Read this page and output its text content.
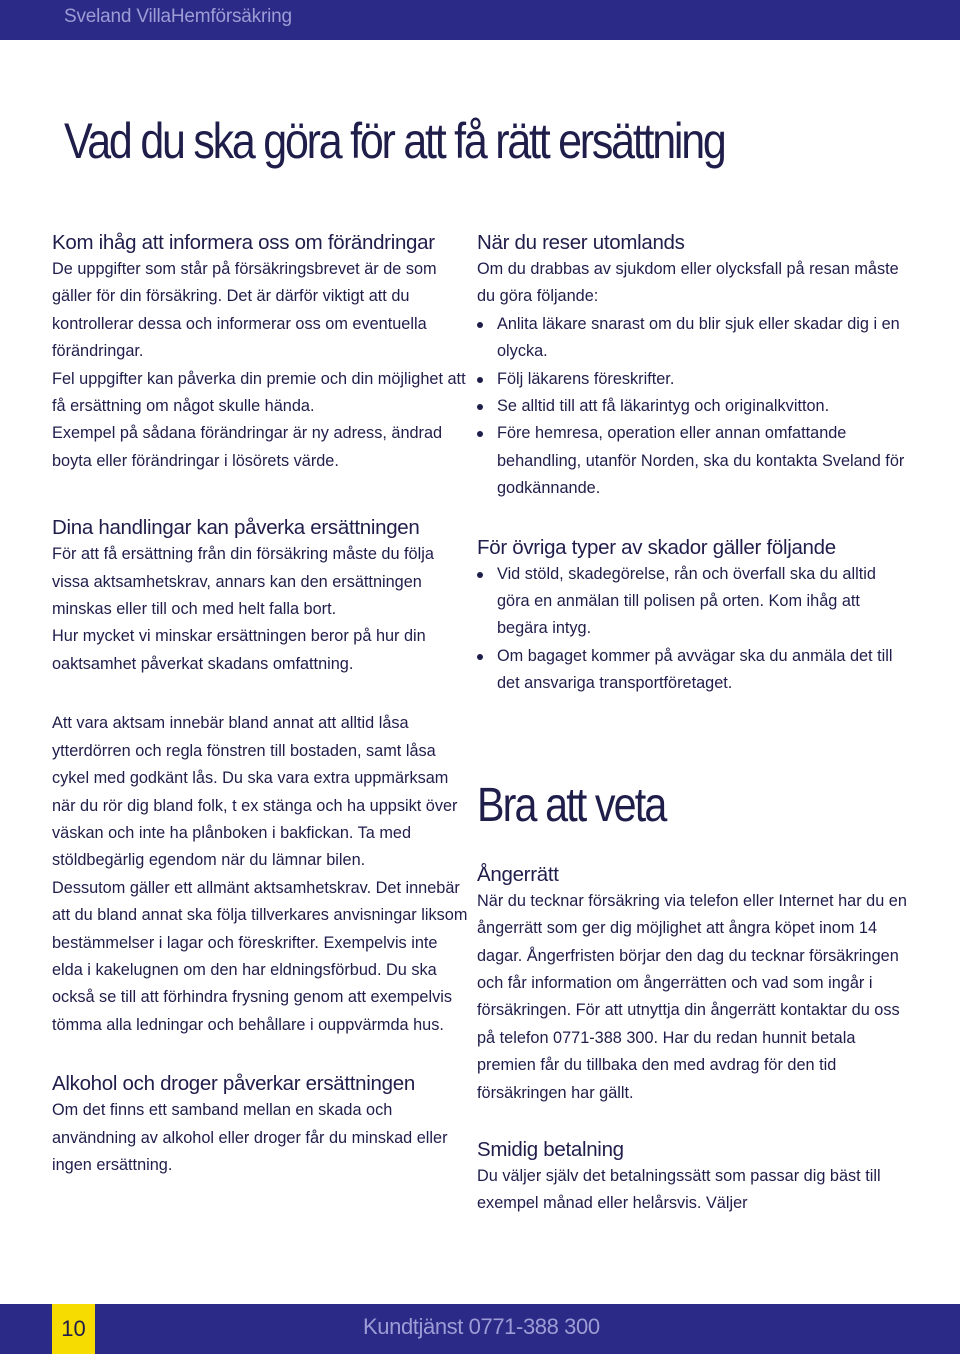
Sveland VillaHemförsäkring
Vad du ska göra för att få rätt ersättning
Kom ihåg att informera oss om förändringar

De uppgifter som står på försäkringsbrevet är de som gäller för din försäkring. Det är därför viktigt att du kontrollerar dessa och informerar oss om eventuella förändringar.

Fel uppgifter kan påverka din premie och din möjlighet att få ersättning om något skulle hända.

Exempel på sådana förändringar är ny adress, ändrad boyta eller förändringar i lösörets värde.

Dina handlingar kan påverka ersättningen

För att få ersättning från din försäkring måste du följa vissa aktsamhetskrav, annars kan den ersättningen minskas eller till och med helt falla bort.

Hur mycket vi minskar ersättningen beror på hur din oaktsamhet påverkat skadans omfattning.

Att vara aktsam innebär bland annat att alltid låsa ytterdörren och regla fönstren till bostaden, samt låsa cykel med godkänt lås. Du ska vara extra uppmärksam när du rör dig bland folk, t ex stänga och ha uppsikt över väskan och inte ha plånboken i bakfickan. Ta med stöldbegärlig egendom när du lämnar bilen.

Dessutom gäller ett allmänt aktsamhetskrav. Det innebär att du bland annat ska följa tillverkares anvisningar liksom bestämmelser i lagar och föreskrifter. Exempelvis inte elda i kakelugnen om den har eldningsförbud. Du ska också se till att förhindra frysning genom att exempelvis tömma alla ledningar och behållare i ouppvärmda hus.

Alkohol och droger påverkar ersättningen

Om det finns ett samband mellan en skada och användning av alkohol eller droger får du minskad eller ingen ersättning.

När du reser utomlands

Om du drabbas av sjukdom eller olycksfall på resan måste du göra följande:

Anlita läkare snarast om du blir sjuk eller skadar dig i en olycka.
Följ läkarens föreskrifter.
Se alltid till att få läkarintyg och originalkvitton.
Före hemresa, operation eller annan omfattande behandling, utanför Norden, ska du kontakta Sveland för godkännande.
För övriga typer av skador gäller följande
Vid stöld, skadegörelse, rån och överfall ska du alltid göra en anmälan till polisen på orten. Kom ihåg att begära intyg.
Om bagaget kommer på avvägar ska du anmäla det till det ansvariga transportföretaget.
Bra att veta
Ångerrätt

När du tecknar försäkring via telefon eller Internet har du en ångerrätt som ger dig möjlighet att ångra köpet inom 14 dagar. Ångerfristen börjar den dag du tecknar försäkringen och får information om ångerrätten och vad som ingår i försäkringen. För att utnyttja din ångerrätt kontaktar du oss på telefon 0771-388 300. Har du redan hunnit betala premien får du tillbaka den med avdrag för den tid försäkringen har gällt.

Smidig betalning

Du väljer själv det betalningssätt som passar dig bäst till exempel månad eller helårsvis. Väljer

Kundtjänst 0771-388 300
10
